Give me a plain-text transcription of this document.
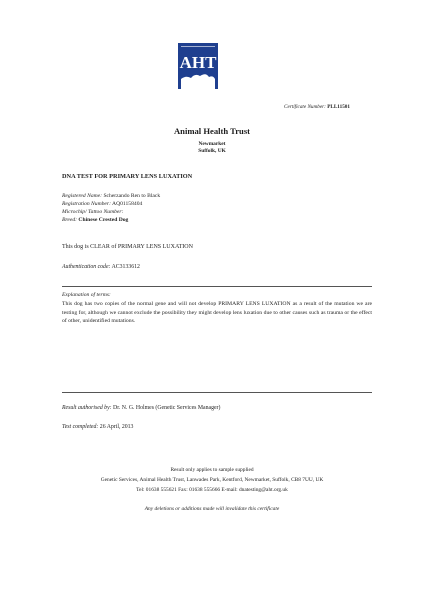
AHT
Certificate Number: PLL11501
Animal Health Trust
Newmarket
Suffolk, UK
DNA TEST FOR PRIMARY LENS LUXATION
Registered Name: Scherzando Ren to Black
Registration Number: AQ01158404
Microchip/ Tattoo Number:
Breed: Chinese Crested Dog
This dog is CLEAR of PRIMARY LENS LUXATION
Authentication code: AC3133612
Explanation of terms:
This dog has two copies of the normal gene and will not develop PRIMARY LENS LUXATION as a result of the mutation we are testing for, although we cannot exclude the possibility they might develop lens luxation due to other causes such as trauma or the effect of other, unidentified mutations.
Result authorised by: Dr. N. G. Holmes (Genetic Services Manager)
Test completed: 26 April, 2013
Result only applies to sample supplied
Genetic Services, Animal Health Trust, Lanwades Park, Kentford, Newmarket, Suffolk, CB8 7UU, UK
Tel: 01638 555621 Fax: 01638 555666 E-mail: dnatesting@aht.org.uk
Any deletions or additions made will invalidate this certificate
